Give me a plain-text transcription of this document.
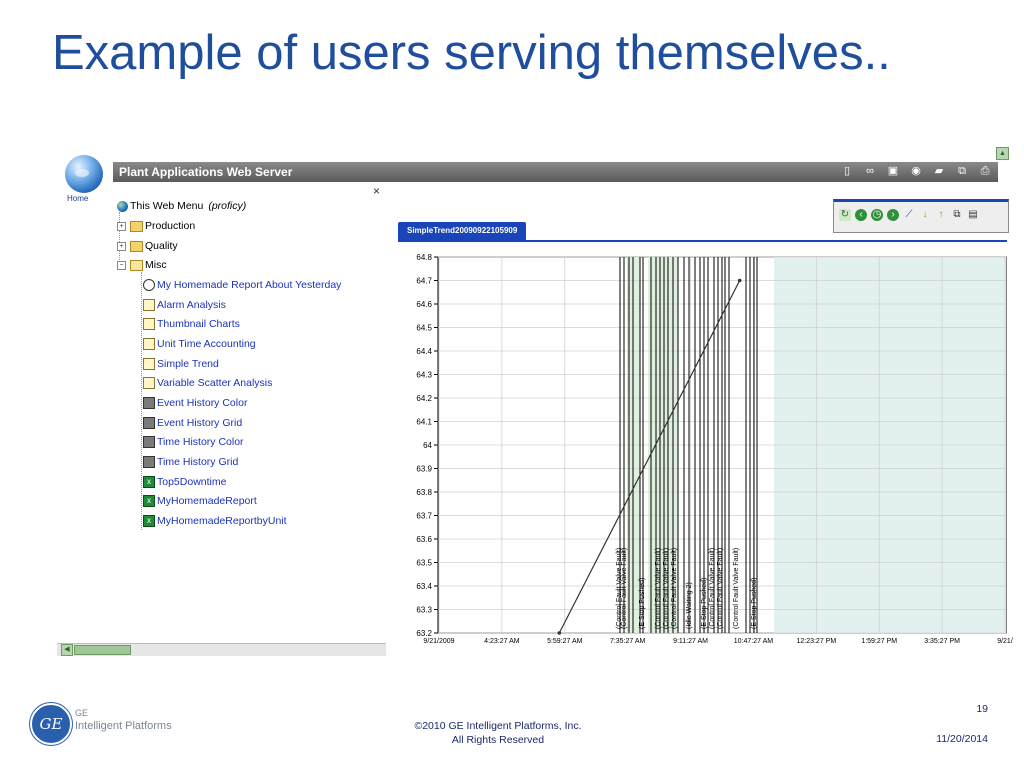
Example of users serving themselves..
Home
▲
Plant Applications Web Server	▯	∞ ▣ ◉ ▰ ⧉ ⎙
×
This Web Menu (proficy)
+ Production
+ Quality
− Misc
My Homemade Report About Yesterday
Alarm Analysis
Thumbnail Charts
Unit Time Accounting
Simple Trend
Variable Scatter Analysis
Event History Color
Event History Grid
Time History Color
Time History Grid
x Top5Downtime
x MyHomemadeReport
x MyHomemadeReportbyUnit
◀
↻	‹ ◷ ›	⟋	↓	↑ ⧉ ▤
SimpleTrend20090922105909
64.8
64.7
64.6
64.5
64.4
64.3
64.2
64.1
64
63.9
63.8
63.7
63.6
63.5
63.4
63.3
63.2
9/21/2009	4:23:27 AM	5:59:27 AM	7:35:27 AM	9:11:27 AM	10:47:27 AM	12:23:27 PM	1:59:27 PM	3:35:27 PM	9/21/
(Control Fault Valve Fault)
(Control Fault Valve Fault) (E Stop Pushed) (Control Fault Valve Fault) (Control Fault Valve Fault) (Control Fault Valve Fault) (Idle Waiting 2) (E Stop Pushed) (Control Fault Valve Fault) (Control Fault Valve Fault) (Control Fault Valve Fault) (E Stop Pushed)
GE
GE
Intelligent Platforms	©2010 GE Intelligent Platforms, Inc.
All Rights Reserved
19
11/20/2014
